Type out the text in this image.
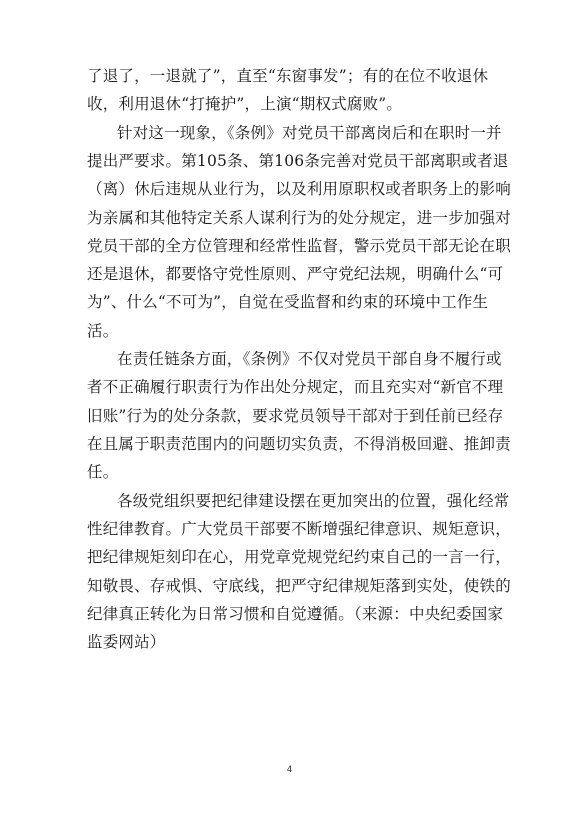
了退了，一退就了”，直至“东窗事发”；有的在位不收退休
收，利用退休“打掩护”，上演“期权式腐败”。
针对这一现象，《条例》对党员干部离岗后和在职时一并
提出严要求。第105条、第106条完善对党员干部离职或者退
（离）休后违规从业行为，以及利用原职权或者职务上的影响
为亲属和其他特定关系人谋利行为的处分规定，进一步加强对
党员干部的全方位管理和经常性监督，警示党员干部无论在职
还是退休，都要恪守党性原则、严守党纪法规，明确什么“可
为”、什么“不可为”，自觉在受监督和约束的环境中工作生
活。
在责任链条方面，《条例》不仅对党员干部自身不履行或
者不正确履行职责行为作出处分规定，而且充实对“新官不理
旧账”行为的处分条款，要求党员领导干部对于到任前已经存
在且属于职责范围内的问题切实负责，不得消极回避、推卸责
任。
各级党组织要把纪律建设摆在更加突出的位置，强化经常
性纪律教育。广大党员干部要不断增强纪律意识、规矩意识，
把纪律规矩刻印在心，用党章党规党纪约束自己的一言一行，
知敬畏、存戒惧、守底线，把严守纪律规矩落到实处，使铁的
纪律真正转化为日常习惯和自觉遵循。（来源：中央纪委国家
监委网站）
4
